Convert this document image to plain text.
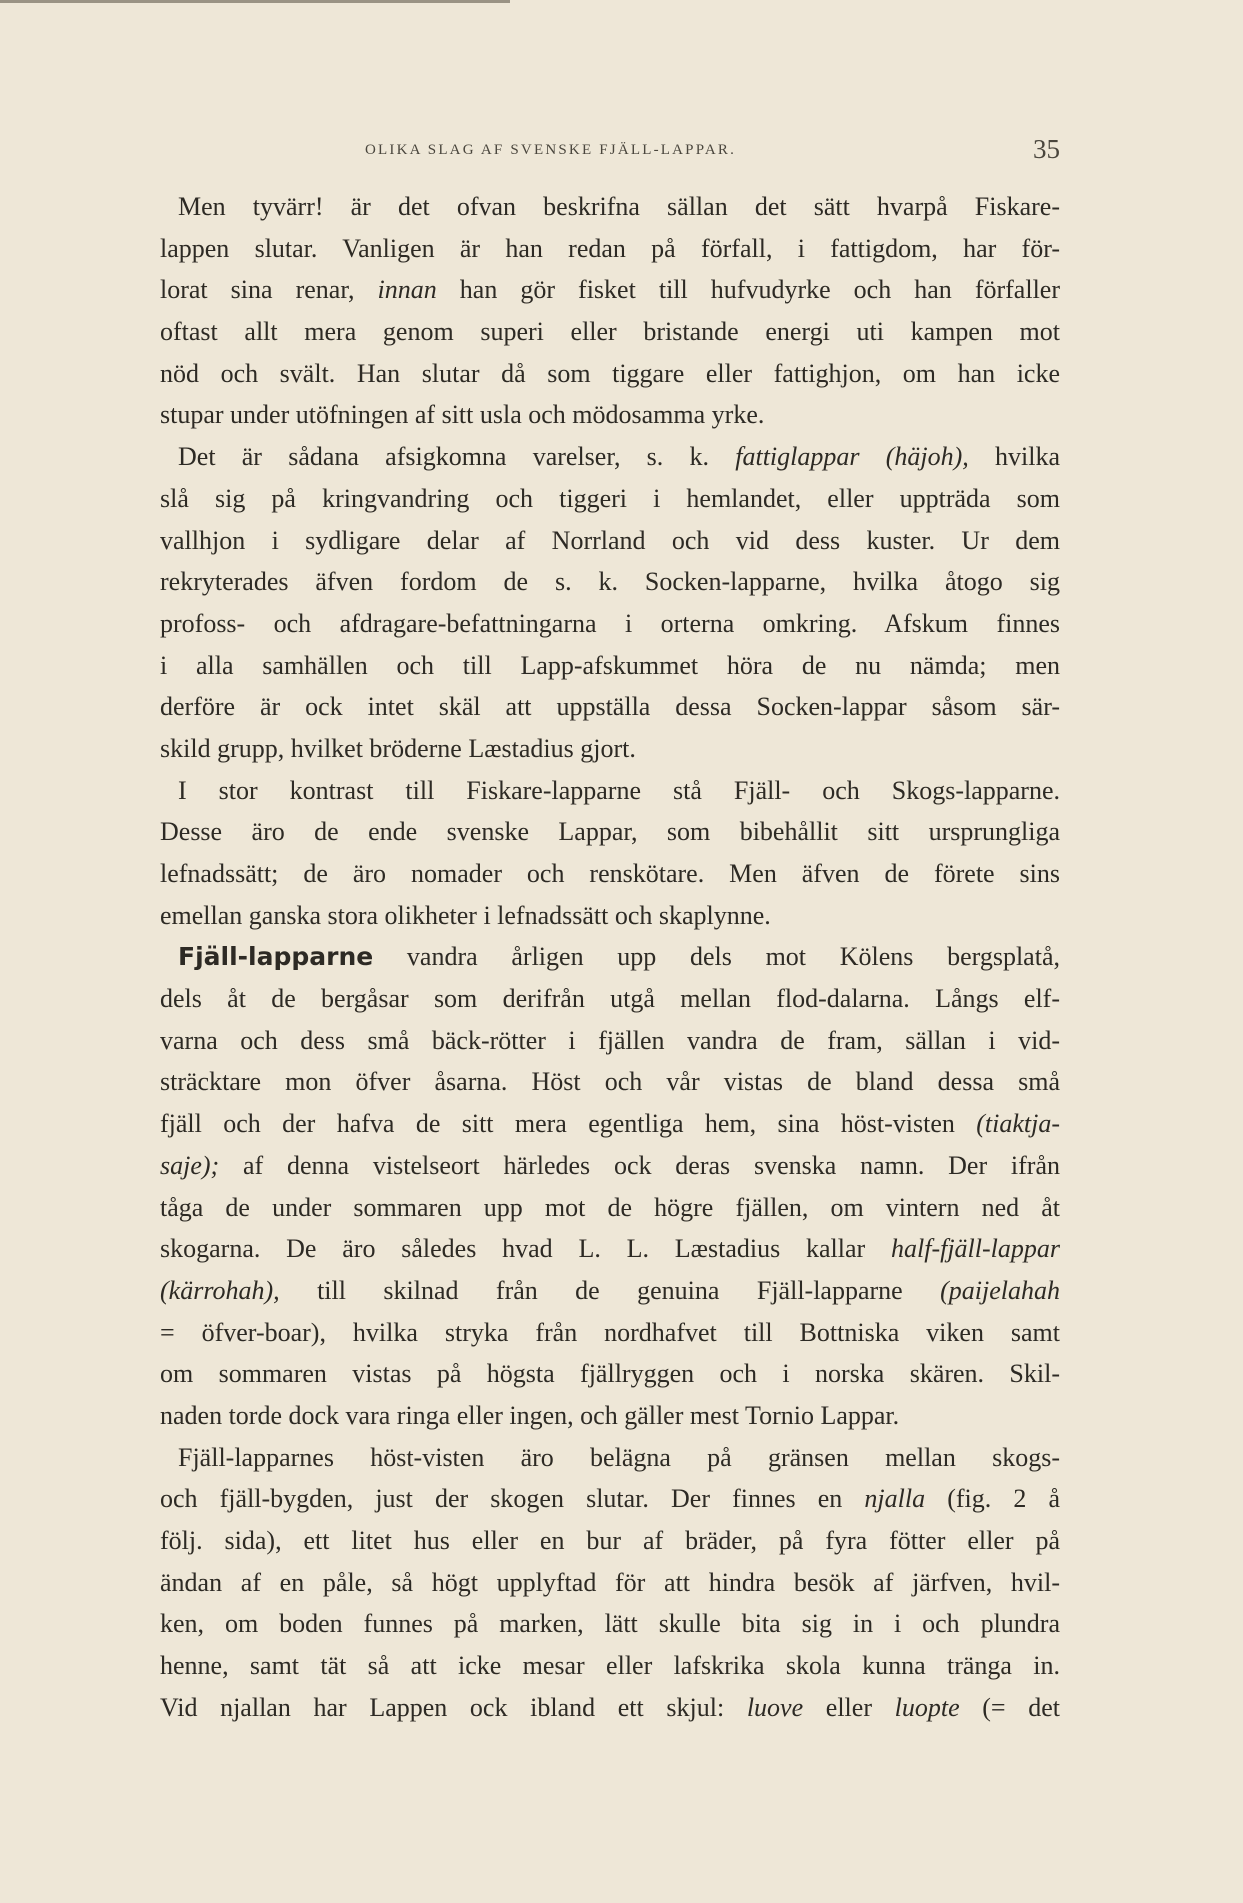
OLIKA SLAG AF SVENSKE FJÄLL-LAPPAR.	35
Men tyvärr! är det ofvan beskrifna sällan det sätt hvarpå Fiskare-
lappen slutar. Vanligen är han redan på förfall, i fattigdom, har för-
lorat sina renar, innan han gör fisket till hufvudyrke och han förfaller
oftast allt mera genom superi eller bristande energi uti kampen mot
nöd och svält. Han slutar då som tiggare eller fattighjon, om han icke
stupar under utöfningen af sitt usla och mödosamma yrke.
Det är sådana afsigkomna varelser, s. k. fattiglappar (häjoh), hvilka
slå sig på kringvandring och tiggeri i hemlandet, eller uppträda som
vallhjon i sydligare delar af Norrland och vid dess kuster. Ur dem
rekryterades äfven fordom de s. k. Socken-lapparne, hvilka åtogo sig
profoss- och afdragare-befattningarna i orterna omkring. Afskum finnes
i alla samhällen och till Lapp-afskummet höra de nu nämda; men
derföre är ock intet skäl att uppställa dessa Socken-lappar såsom sär-
skild grupp, hvilket bröderne Læstadius gjort.
I stor kontrast till Fiskare-lapparne stå Fjäll- och Skogs-lapparne.
Desse äro de ende svenske Lappar, som bibehållit sitt ursprungliga
lefnadssätt; de äro nomader och renskötare. Men äfven de förete sins
emellan ganska stora olikheter i lefnadssätt och skaplynne.
Fjäll-lapparne vandra årligen upp dels mot Kölens bergsplatå,
dels åt de bergåsar som derifrån utgå mellan flod-dalarna. Långs elf-
varna och dess små bäck-rötter i fjällen vandra de fram, sällan i vid-
sträcktare mon öfver åsarna. Höst och vår vistas de bland dessa små
fjäll och der hafva de sitt mera egentliga hem, sina höst-visten (tiaktja-
saje); af denna vistelseort härledes ock deras svenska namn. Der ifrån
tåga de under sommaren upp mot de högre fjällen, om vintern ned åt
skogarna. De äro således hvad L. L. Læstadius kallar half-fjäll-lappar
(kärrohah), till skilnad från de genuina Fjäll-lapparne (paijelahah
= öfver-boar), hvilka stryka från nordhafvet till Bottniska viken samt
om sommaren vistas på högsta fjällryggen och i norska skären. Skil-
naden torde dock vara ringa eller ingen, och gäller mest Tornio Lappar.
Fjäll-lapparnes höst-visten äro belägna på gränsen mellan skogs-
och fjäll-bygden, just der skogen slutar. Der finnes en njalla (fig. 2 å
följ. sida), ett litet hus eller en bur af bräder, på fyra fötter eller på
ändan af en påle, så högt upplyftad för att hindra besök af järfven, hvil-
ken, om boden funnes på marken, lätt skulle bita sig in i och plundra
henne, samt tät så att icke mesar eller lafskrika skola kunna tränga in.
Vid njallan har Lappen ock ibland ett skjul: luove eller luopte (= det
